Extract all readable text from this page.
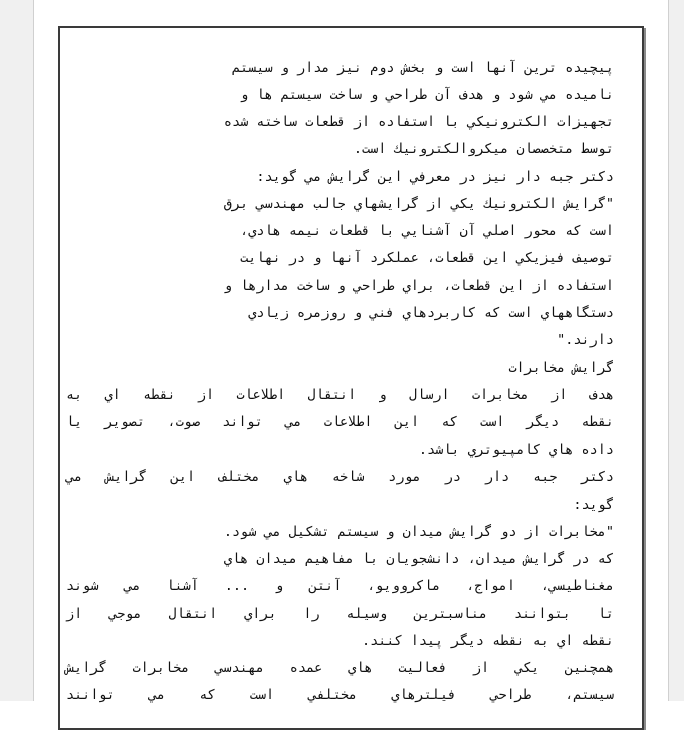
پيچيده ترين آنها است و بخش دوم نيز مدار و سيستم
ناميده مي شود و هدف آن طراحي و ساخت سيستم ها و
تجهيزات الكترونيكي با استفاده از قطعات ساخته شده
توسط متخصصان ميكروالكترونيك است.
دكتر جبه دار نيز در معرفي اين گرايش مي گويد:
"گرايش الكترونيك يكي از گرايشهاي جالب مهندسي برق
است كه محور اصلي آن آشنايي با قطعات نيمه هادي،
توصيف فيزيكي اين قطعات، عملكرد آنها و در نهايت
استفاده از اين قطعات، براي طراحي و ساخت مدارها و
دستگاههاي است كه كاربردهاي فني و روزمره زيادي
دارند."
گرايش مخابرات
هدف از مخابرات ارسال و انتقال اطلاعات از نقطه اي به
نقطه ديگر است كه اين اطلاعات مي تواند صوت، تصوير يا
داده هاي كامپيوتري باشد.
دكتر جبه دار در مورد شاخه هاي مختلف اين گرايش مي
گويد:
"مخابرات از دو گرايش ميدان و سيستم تشكيل مي شود.
كه در گرايش ميدان، دانشجويان با مفاهيم ميدان هاي
مغناطيسي، امواج، ماكروويو، آنتن و ... آشنا مي شوند
تا بتوانند مناسبترين وسيله را براي انتقال موجي از
نقطه اي به نقطه ديگر پيدا كنند.
همچنين يكي از فعاليت هاي عمده مهندسي مخابرات گرايش
سيستم، طراحي فيلترهاي مختلفي است كه مي توانند
